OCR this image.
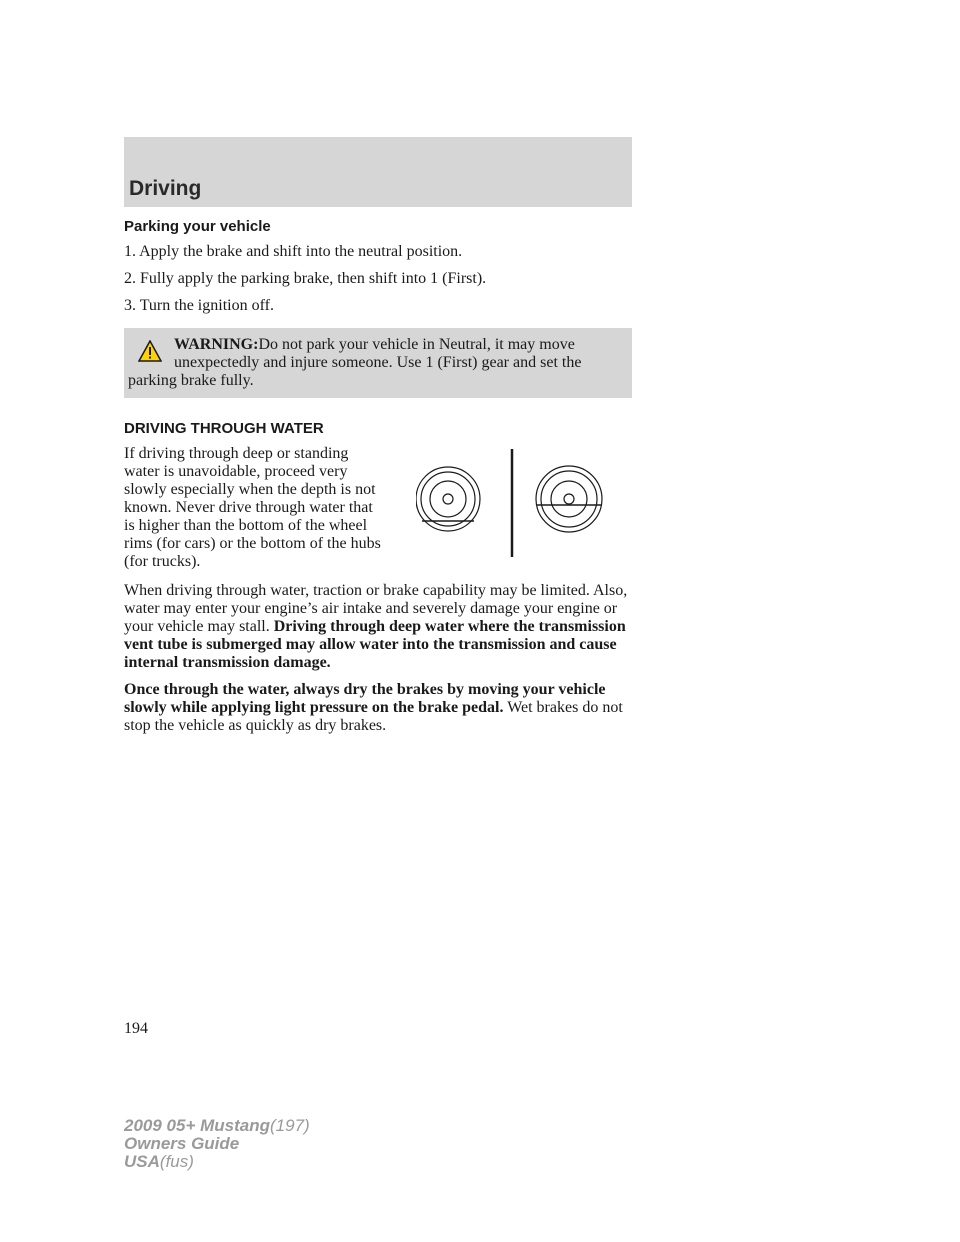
Driving
Parking your vehicle
1. Apply the brake and shift into the neutral position.
2. Fully apply the parking brake, then shift into 1 (First).
3. Turn the ignition off.
WARNING:Do not park your vehicle in Neutral, it may move
unexpectedly and injure someone. Use 1 (First) gear and set the parking brake fully.
DRIVING THROUGH WATER
If driving through deep or standing water is unavoidable, proceed very slowly especially when the depth is not known. Never drive through water that is higher than the bottom of the wheel rims (for cars) or the bottom of the hubs (for trucks).

When driving through water, traction or brake capability may be limited. Also, water may enter your engine’s air intake and severely damage your engine or your vehicle may stall. Driving through deep water where the transmission vent tube is submerged may allow water into the transmission and cause internal transmission damage.

Once through the water, always dry the brakes by moving your vehicle slowly while applying light pressure on the brake pedal. Wet brakes do not stop the vehicle as quickly as dry brakes.

194
2009 05+ Mustang(197)
Owners Guide
USA(fus)
